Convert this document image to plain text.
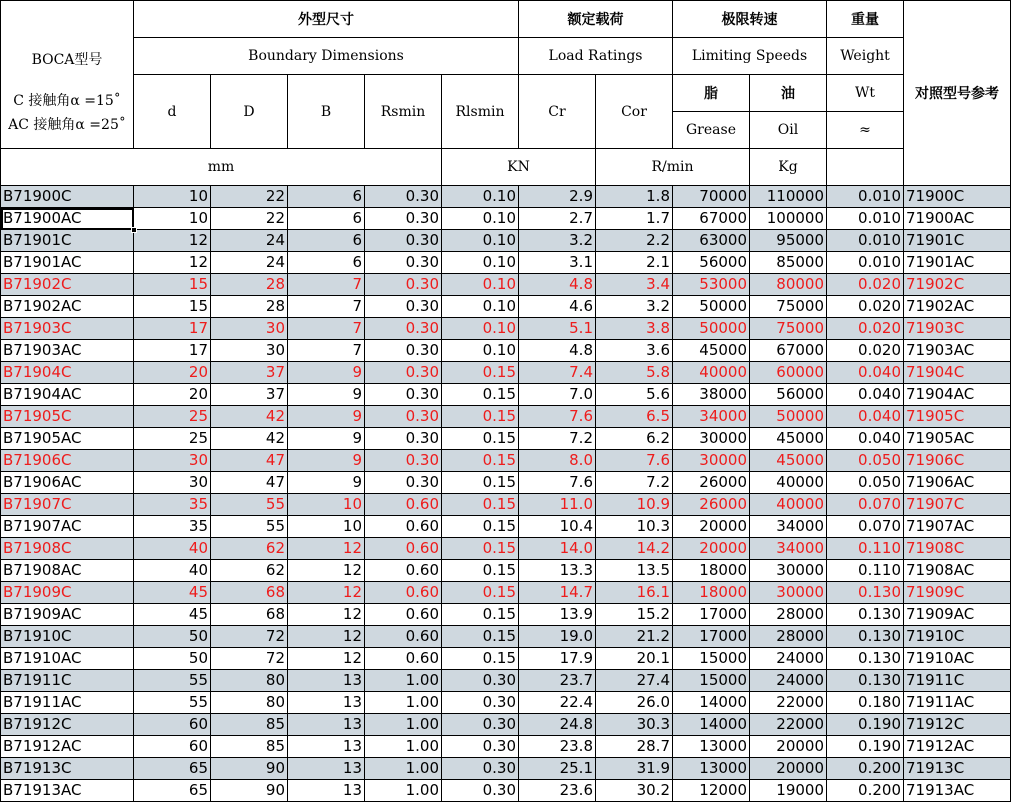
BOCA型号
C 接触角α =15˚
AC 接触角α =25˚	外型尺寸					额定载荷		极限转速		重量	对照型号参考
	Boundary Dimensions					Load Ratings		Limiting Speeds		Weight	
	d	D	B	Rsmin	Rlsmin	Cr	Cor	脂	油	Wt	
								Grease	Oil	≈	
mm					KN		R/min		Kg		
B71900C	10	22	6	0.30	0.10	2.9	1.8	70000	110000	0.010	71900C
B71900AC	10	22	6	0.30	0.10	2.7	1.7	67000	100000	0.010	71900AC
B71901C	12	24	6	0.30	0.10	3.2	2.2	63000	95000	0.010	71901C
B71901AC	12	24	6	0.30	0.10	3.1	2.1	56000	85000	0.010	71901AC
B71902C	15	28	7	0.30	0.10	4.8	3.4	53000	80000	0.020	71902C
B71902AC	15	28	7	0.30	0.10	4.6	3.2	50000	75000	0.020	71902AC
B71903C	17	30	7	0.30	0.10	5.1	3.8	50000	75000	0.020	71903C
B71903AC	17	30	7	0.30	0.10	4.8	3.6	45000	67000	0.020	71903AC
B71904C	20	37	9	0.30	0.15	7.4	5.8	40000	60000	0.040	71904C
B71904AC	20	37	9	0.30	0.15	7.0	5.6	38000	56000	0.040	71904AC
B71905C	25	42	9	0.30	0.15	7.6	6.5	34000	50000	0.040	71905C
B71905AC	25	42	9	0.30	0.15	7.2	6.2	30000	45000	0.040	71905AC
B71906C	30	47	9	0.30	0.15	8.0	7.6	30000	45000	0.050	71906C
B71906AC	30	47	9	0.30	0.15	7.6	7.2	26000	40000	0.050	71906AC
B71907C	35	55	10	0.60	0.15	11.0	10.9	26000	40000	0.070	71907C
B71907AC	35	55	10	0.60	0.15	10.4	10.3	20000	34000	0.070	71907AC
B71908C	40	62	12	0.60	0.15	14.0	14.2	20000	34000	0.110	71908C
B71908AC	40	62	12	0.60	0.15	13.3	13.5	18000	30000	0.110	71908AC
B71909C	45	68	12	0.60	0.15	14.7	16.1	18000	30000	0.130	71909C
B71909AC	45	68	12	0.60	0.15	13.9	15.2	17000	28000	0.130	71909AC
B71910C	50	72	12	0.60	0.15	19.0	21.2	17000	28000	0.130	71910C
B71910AC	50	72	12	0.60	0.15	17.9	20.1	15000	24000	0.130	71910AC
B71911C	55	80	13	1.00	0.30	23.7	27.4	15000	24000	0.130	71911C
B71911AC	55	80	13	1.00	0.30	22.4	26.0	14000	22000	0.180	71911AC
B71912C	60	85	13	1.00	0.30	24.8	30.3	14000	22000	0.190	71912C
B71912AC	60	85	13	1.00	0.30	23.8	28.7	13000	20000	0.190	71912AC
B71913C	65	90	13	1.00	0.30	25.1	31.9	13000	20000	0.200	71913C
B71913AC	65	90	13	1.00	0.30	23.6	30.2	12000	19000	0.200	71913AC
